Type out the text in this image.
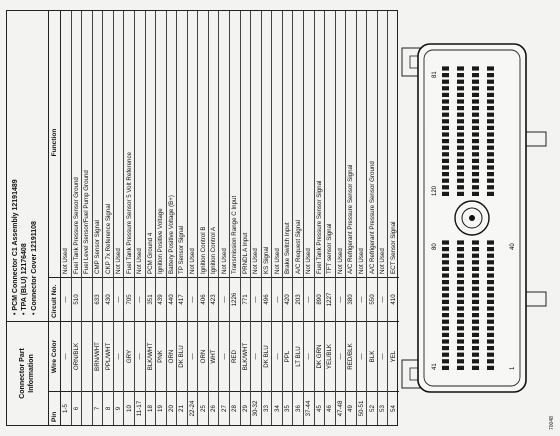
Connector Part
Information
• PCM Connector C1 Assembly 12191489
• TPA (BLU) 12176408
• Connector Cover 12191108
Pin
Wire Color
Circuit No.
Function
1-5
—
—
Not Used
6
ORN/BLK
510
Fuel Tank Pressure Sensor Ground Fuel Level Sensor/Fuel Pump Ground
7
BRN/WHT
633
CMP Sensor Signal
8
PPL/WHT
430
CKP 7x Reference Signal
9
—
—
Not Used
10
GRY
705
Fuel Tank Pressure Sensor 5 Volt Reference
11-17
—
—
Not Used
18
BLK/WHT
351
PCM Ground 4
19
PNK
439
Ignition Positive Voltage
20
ORN
440
Battery Positive Voltage (B+)
21
DK BLU
417
TP Sensor Signal
22-24
—
—
Not Used
25
ORN
406
Ignition Control B
26
WHT
423
Ignition Control A
27
—
—
Not Used
28
RED
1226
Transmission Range C Input
29
BLK/WHT
771
PRNDL A Input
30-32
—
—
Not Used
33
DK BLU
496
KS Signal
34
—
—
Not Used
35
PPL
420
Brake Switch Input
36
LT BLU
203
A/C Request Signal
37-44
—
—
Not Used
45
DK GRN
890
Fuel Tank Pressure Sensor Signal
46
YEL/BLK
1227
TFT sensor Signal
47-48
—
—
Not Used
49
RED/BLK
380
A/C Refrigerant Pressure Sensor Signal
50-51
—
—
Not Used
52
BLK
550
A/C Refrigerant Pressure Sensor Ground
53
—
—
Not Used
54
YEL
410
ECT Sensor Signal
41
80
1
40
120
81
70048
